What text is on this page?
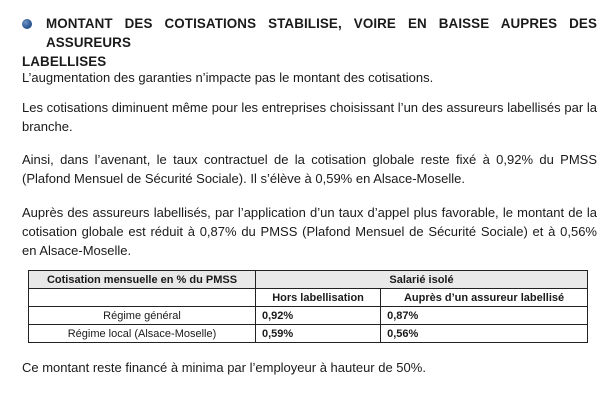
MONTANT DES COTISATIONS STABILISE, VOIRE EN BAISSE AUPRES DES ASSUREURS
LABELLISES

L’augmentation des garanties n’impacte pas le montant des cotisations.

Les cotisations diminuent même pour les entreprises choisissant l’un des assureurs labellisés par la branche.

Ainsi, dans l’avenant, le taux contractuel de la cotisation globale reste fixé à 0,92% du PMSS (Plafond Mensuel de Sécurité Sociale). Il s’élève à 0,59% en Alsace-Moselle.

Auprès des assureurs labellisés, par l’application d’un taux d’appel plus favorable, le montant de la cotisation globale est réduit à 0,87% du PMSS (Plafond Mensuel de Sécurité Sociale) et à 0,56% en Alsace-Moselle.

Cotisation mensuelle en % du PMSS	Salarié isolé	
	Hors labellisation	Auprès d’un assureur labellisé
Régime général	0,92%	0,87%
Régime local (Alsace-Moselle)	0,59%	0,56%

Ce montant reste financé à minima par l’employeur à hauteur de 50%.
